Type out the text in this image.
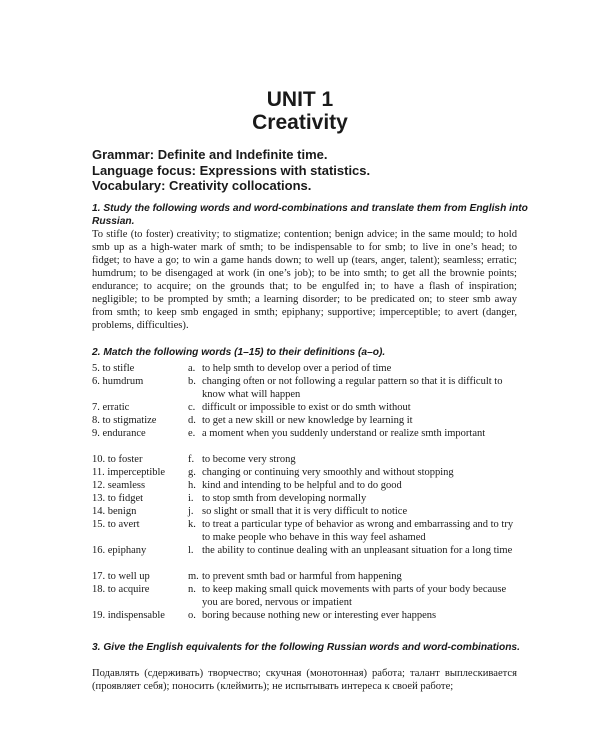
UNIT 1
Creativity
Grammar: Definite and Indefinite time.
Language focus: Expressions with statistics.
Vocabulary: Creativity collocations.
1. Study the following words and word-combinations and translate them from English into Russian.
To stifle (to foster) creativity; to stigmatize; contention; benign advice; in the same mould; to hold smb up as a high-water mark of smth; to be indispensable to for smb; to live in one’s head; to fidget; to have a go; to win a game hands down; to well up (tears, anger, talent); seamless; erratic; humdrum; to be disengaged at work (in one’s job); to be into smth; to get all the brownie points; endurance; to acquire; on the grounds that; to be engulfed in; to have a flash of inspiration; negligible; to be prompted by smth; a learning disorder; to be predicated on; to steer smb away from smth; to keep smb engaged in smth; epiphany; supportive; imperceptible; to avert (danger, problems, difficulties).
2. Match the following words (1–15) to their definitions (a–o).
5. to stifle	a. to help smth to develop over a period of time
6. humdrum	b. changing often or not following a regular pattern so that it is difficult to know what will happen
7. erratic	c. difficult or impossible to exist or do smth without
8. to stigmatize	d. to get a new skill or new knowledge by learning it
9. endurance	e. a moment when you suddenly understand or realize smth important
10. to foster	f. to become very strong
11. imperceptible	g. changing or continuing very smoothly and without stopping
12. seamless	h. kind and intending to be helpful and to do good
13. to fidget	i. to stop smth from developing normally
14. benign	j. so slight or small that it is very difficult to notice
15. to avert	k. to treat a particular type of behavior as wrong and embarrassing and to try to make people who behave in this way feel ashamed
16. epiphany	l. the ability to continue dealing with an unpleasant situation for a long time
17. to well up	m. to prevent smth bad or harmful from happening
18. to acquire	n. to keep making small quick movements with parts of your body because you are bored, nervous or impatient
19. indispensable	o. boring because nothing new or interesting ever happens
3. Give the English equivalents for the following Russian words and word-combinations.
Подавлять (сдерживать) творчество; скучная (монотонная) работа; талант выплескивается (проявляет себя); поносить (клеймить); не испытывать интереса к своей работе;
